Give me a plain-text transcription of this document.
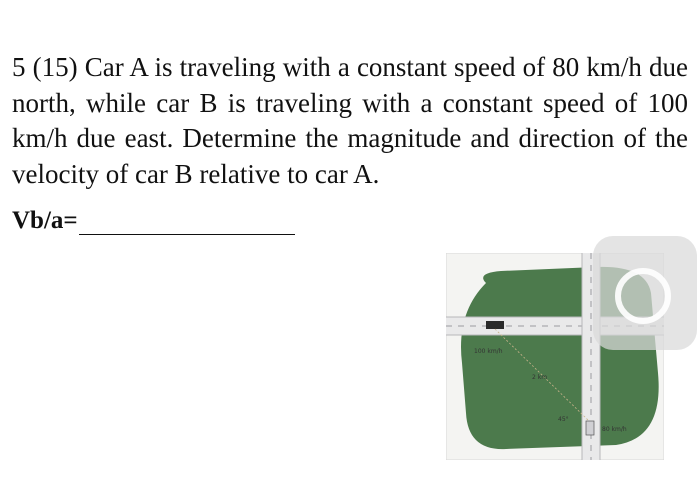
5 (15) Car A is traveling with a constant speed of 80 km/h due north, while car B is traveling with a constant speed of 100 km/h due east. Determine the magnitude and direction of the velocity of car B relative to car A.
Vb/a=
100 km/h
2 km
45°
80 km/h
